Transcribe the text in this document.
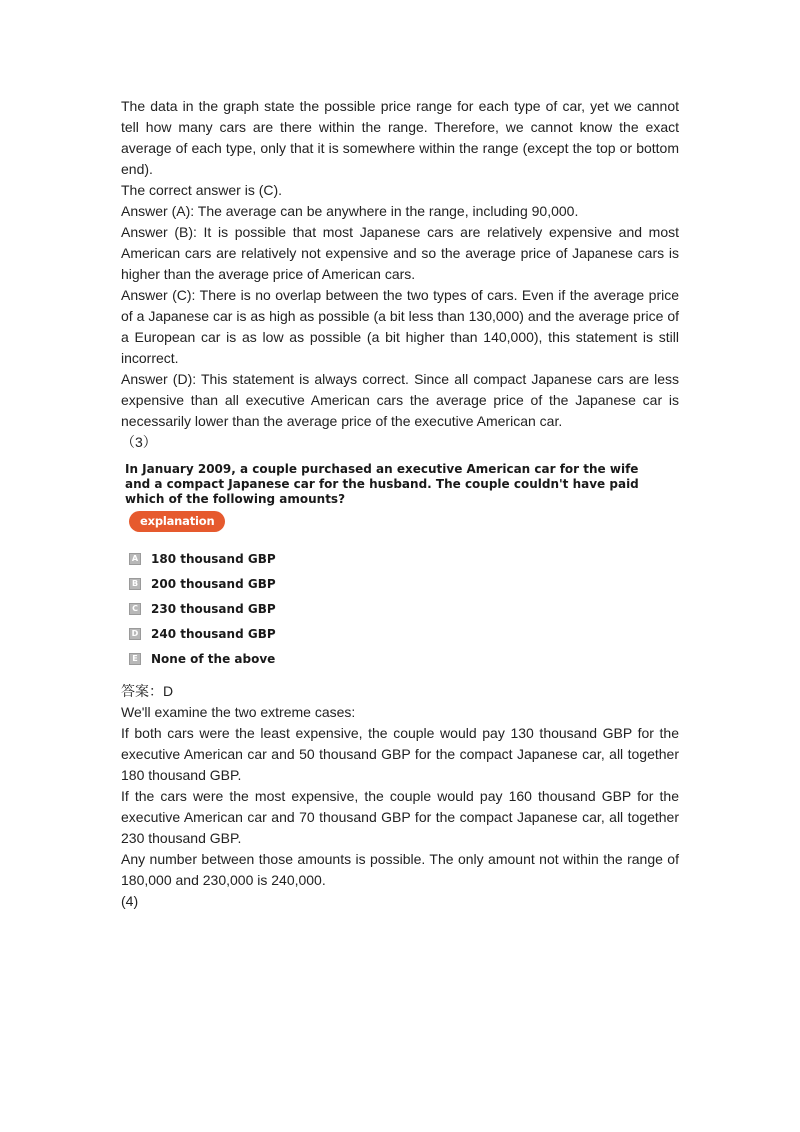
The data in the graph state the possible price range for each type of car, yet we cannot tell how many cars are there within the range. Therefore, we cannot know the exact average of each type, only that it is somewhere within the range (except the top or bottom end).

The correct answer is (C).

Answer (A): The average can be anywhere in the range, including 90,000.

Answer (B): It is possible that most Japanese cars are relatively expensive and most American cars are relatively not expensive and so the average price of Japanese cars is higher than the average price of American cars.

Answer (C): There is no overlap between the two types of cars. Even if the average price of a Japanese car is as high as possible (a bit less than 130,000) and the average price of a European car is as low as possible (a bit higher than 140,000), this statement is still incorrect.

Answer (D): This statement is always correct. Since all compact Japanese cars are less expensive than all executive American cars the average price of the Japanese car is necessarily lower than the average price of the executive American car.

（3）

In January 2009, a couple purchased an executive American car for the wife and a compact Japanese car for the husband. The couple couldn't have paid which of the following amounts?

explanation
A 180 thousand GBP
B 200 thousand GBP
C 230 thousand GBP
D 240 thousand GBP
E None of the above

答案：D

We'll examine the two extreme cases:

If both cars were the least expensive, the couple would pay 130 thousand GBP for the executive American car and 50 thousand GBP for the compact Japanese car, all together 180 thousand GBP.

If the cars were the most expensive, the couple would pay 160 thousand GBP for the executive American car and 70 thousand GBP for the compact Japanese car, all together 230 thousand GBP.

Any number between those amounts is possible. The only amount not within the range of 180,000 and 230,000 is 240,000.

(4)
